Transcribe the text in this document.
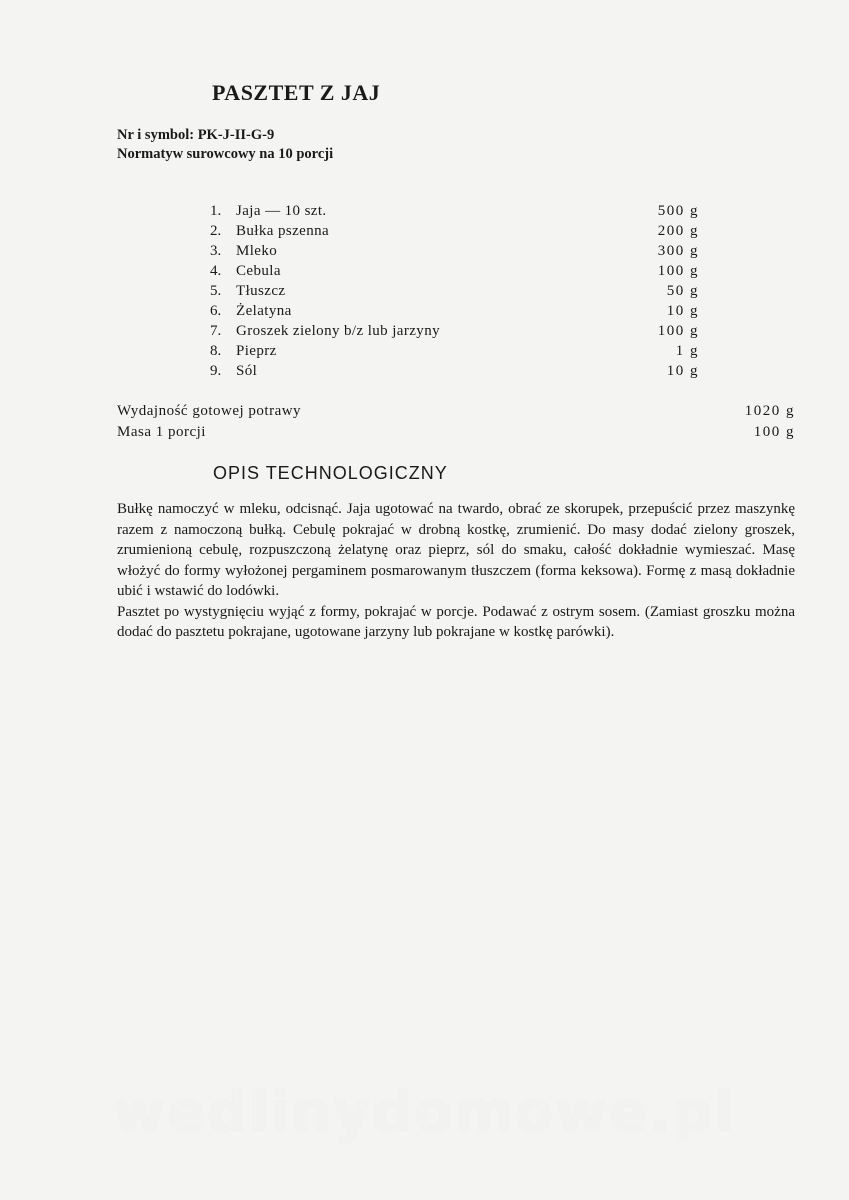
PASZTET Z JAJ
Nr i symbol: PK-J-II-G-9
Normatyw surowcowy na 10 porcji
1. Jaja — 10 szt.	500 g
2. Bułka pszenna	200 g
3. Mleko	300 g
4. Cebula	100 g
5. Tłuszcz	50 g
6. Żelatyna	10 g
7. Groszek zielony b/z lub jarzyny	100 g
8. Pieprz	1 g
9. Sól	10 g
Wydajność gotowej potrawy	1020 g
Masa 1 porcji	100 g
OPIS TECHNOLOGICZNY

Bułkę namoczyć w mleku, odcisnąć. Jaja ugotować na twardo, obrać ze skorupek, przepuścić przez maszynkę razem z namoczoną bułką. Cebulę pokrajać w drobną kostkę, zrumienić. Do masy dodać zielony groszek, zrumienioną cebulę, rozpuszczoną żelatynę oraz pieprz, sól do smaku, całość dokładnie wymieszać. Masę włożyć do formy wyłożonej pergaminem posmarowanym tłuszczem (forma keksowa). Formę z masą dokładnie ubić i wstawić do lodówki.

Pasztet po wystygnięciu wyjąć z formy, pokrajać w porcje. Podawać z ostrym sosem. (Zamiast groszku można dodać do pasztetu pokrajane, ugotowane jarzyny lub pokrajane w kostkę parówki).

wedlinydomowe.pl
